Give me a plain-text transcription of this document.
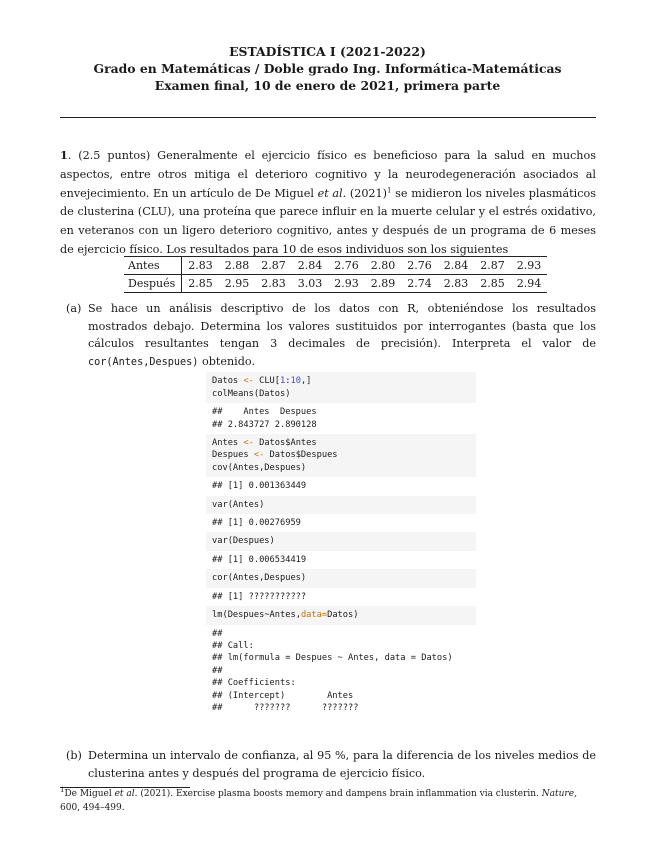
ESTADÍSTICA I (2021-2022)
Grado en Matemáticas / Doble grado Ing. Informática-Matemáticas
Examen final, 10 de enero de 2021, primera parte
1. (2.5 puntos) Generalmente el ejercicio físico es beneficioso para la salud en muchos aspectos, entre otros mitiga el deterioro cognitivo y la neurodegeneración asociados al envejecimiento. En un artículo de De Miguel et al. $(2021)^1$ se midieron los niveles plasmáticos de clusterina (CLU), una proteína que parece influir en la muerte celular y el estrés oxidativo, en veteranos con un ligero deterioro cognitivo, antes y después de un programa de 6 meses de ejercicio físico. Los resultados para 10 de esos individuos son los siguientes
Antes	2.83	2.88	2.87	2.84	2.76	2.80	2.76	2.84	2.87	2.93
Después	2.85	2.95	2.83	3.03	2.93	2.89	2.74	2.83	2.85	2.94
(a) Se hace un análisis descriptivo de los datos con R, obteniéndose los resultados mostrados debajo. Determina los valores sustituidos por interrogantes (basta que los cálculos resultantes tengan 3 decimales de precisión). Interpreta el valor de cor(Antes,Despues) obtenido.

Datos <- CLU[1:10,]
colMeans(Datos)
##    Antes  Despues
## 2.843727 2.890128
Antes <- Datos$Antes
Despues <- Datos$Despues
cov(Antes,Despues)
## [1] 0.001363449
var(Antes)
## [1] 0.00276959
var(Despues)
## [1] 0.006534419
cor(Antes,Despues)
## [1] ???????????
lm(Despues~Antes,data=Datos)
##
## Call:
## lm(formula = Despues ~ Antes, data = Datos)
##
## Coefficients:
## (Intercept)        Antes
##      ???????      ???????

(b) Determina un intervalo de confianza, al 95 %, para la diferencia de los niveles medios de clusterina antes y después del programa de ejercicio físico.
$^1$De Miguel et al. (2021). Exercise plasma boosts memory and dampens brain inflammation via clusterin. Nature, 600, 494–499.
